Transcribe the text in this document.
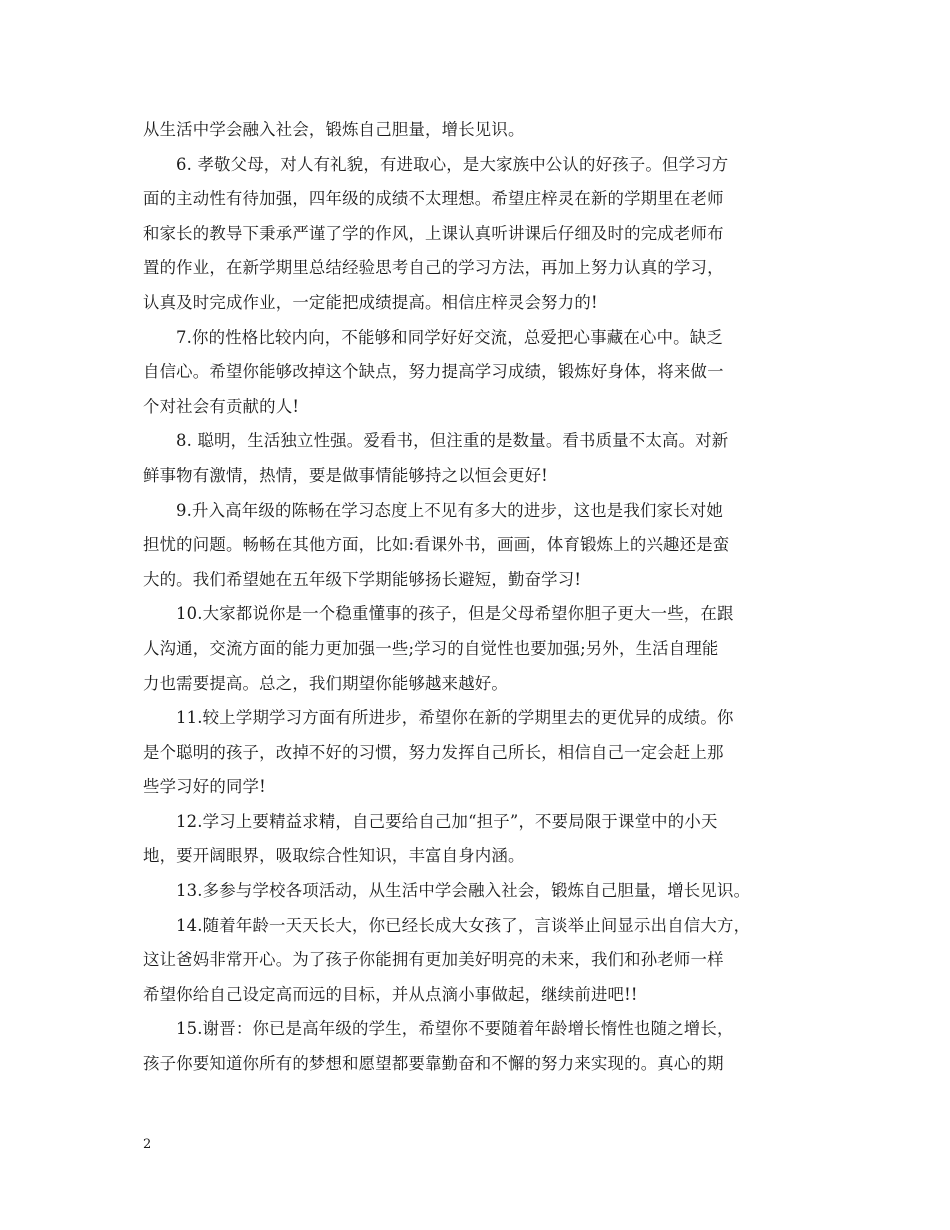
从生活中学会融入社会，锻炼自己胆量，增长见识。
6. 孝敬父母，对人有礼貌，有进取心，是大家族中公认的好孩子。但学习方
面的主动性有待加强，四年级的成绩不太理想。希望庄梓灵在新的学期里在老师
和家长的教导下秉承严谨了学的作风，上课认真听讲课后仔细及时的完成老师布
置的作业，在新学期里总结经验思考自己的学习方法，再加上努力认真的学习，
认真及时完成作业，一定能把成绩提高。相信庄梓灵会努力的!
7.你的性格比较内向，不能够和同学好好交流，总爱把心事藏在心中。缺乏
自信心。希望你能够改掉这个缺点，努力提高学习成绩，锻炼好身体，将来做一
个对社会有贡献的人!
8. 聪明，生活独立性强。爱看书，但注重的是数量。看书质量不太高。对新
鲜事物有激情，热情，要是做事情能够持之以恒会更好!
9.升入高年级的陈畅在学习态度上不见有多大的进步，这也是我们家长对她
担忧的问题。畅畅在其他方面，比如:看课外书，画画，体育锻炼上的兴趣还是蛮
大的。我们希望她在五年级下学期能够扬长避短，勤奋学习!
10.大家都说你是一个稳重懂事的孩子，但是父母希望你胆子更大一些，在跟
人沟通，交流方面的能力更加强一些;学习的自觉性也要加强;另外，生活自理能
力也需要提高。总之，我们期望你能够越来越好。
11.较上学期学习方面有所进步，希望你在新的学期里去的更优异的成绩。你
是个聪明的孩子，改掉不好的习惯，努力发挥自己所长，相信自己一定会赶上那
些学习好的同学!
12.学习上要精益求精，自己要给自己加“担子”，不要局限于课堂中的小天
地，要开阔眼界，吸取综合性知识，丰富自身内涵。
13.多参与学校各项活动，从生活中学会融入社会，锻炼自己胆量，增长见识。
14.随着年龄一天天长大，你已经长成大女孩了，言谈举止间显示出自信大方，
这让爸妈非常开心。为了孩子你能拥有更加美好明亮的未来，我们和孙老师一样
希望你给自己设定高而远的目标，并从点滴小事做起，继续前进吧!!
15.谢晋：你已是高年级的学生，希望你不要随着年龄增长惰性也随之增长，
孩子你要知道你所有的梦想和愿望都要靠勤奋和不懈的努力来实现的。真心的期
2
